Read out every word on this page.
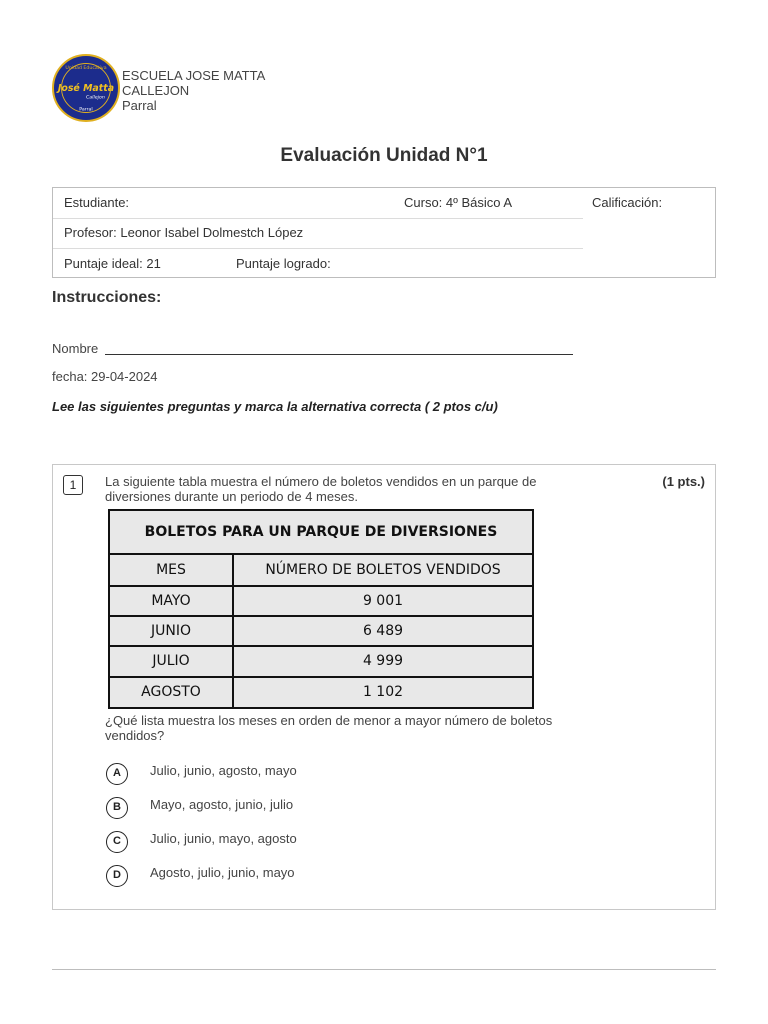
Unidad Educativa
José Matta
Callejon
Parral
ESCUELA JOSE MATTA
CALLEJON
Parral
Evaluación Unidad N°1
Estudiante:	Curso: 4º Básico A	Calificación:
Profesor: Leonor Isabel Dolmestch López
Puntaje ideal: 21	Puntaje logrado:
Instrucciones:
Nombre
fecha: 29-04-2024
Lee las siguientes preguntas y marca la alternativa correcta ( 2 ptos c/u)
1	La siguiente tabla muestra el número de boletos vendidos en un parque de diversiones durante un periodo de 4 meses.
(1 pts.)
BOLETOS PARA UN PARQUE DE DIVERSIONES	
MES	NÚMERO DE BOLETOS VENDIDOS
MAYO	9 001
JUNIO	6 489
JULIO	4 999
AGOSTO	1 102
¿Qué lista muestra los meses en orden de menor a mayor número de boletos vendidos?
A	Julio, junio, agosto, mayo
B	Mayo, agosto, junio, julio
C	Julio, junio, mayo, agosto
D	Agosto, julio, junio, mayo
